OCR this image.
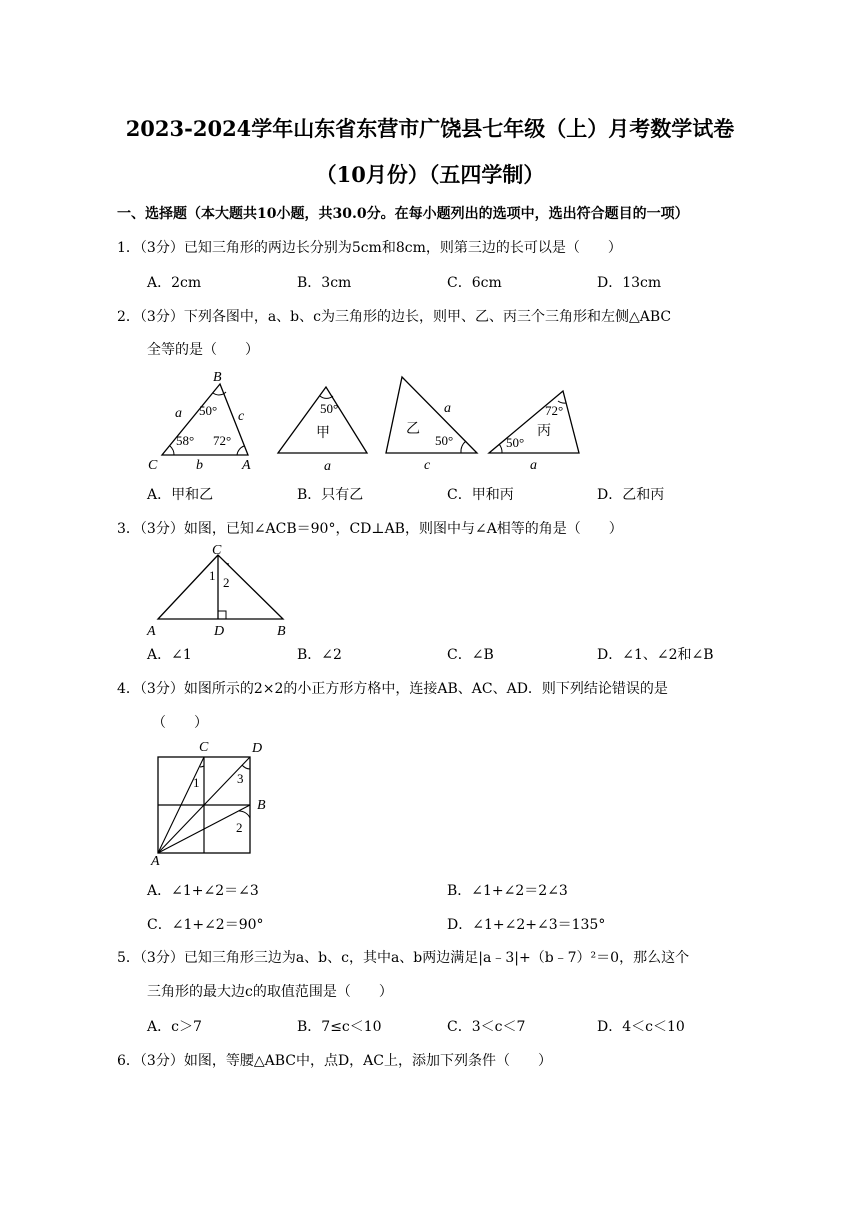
2023-2024学年山东省东营市广饶县七年级（上）月考数学试卷
（10月份）（五四学制）
一、选择题（本大题共10小题，共30.0分。在每小题列出的选项中，选出符合题目的一项）
1．（3分）已知三角形的两边长分别为5cm和8cm，则第三边的长可以是（　　）
A．2cm	B．3cm	C．6cm	D．13cm
2．（3分）下列各图中，a、b、c为三角形的边长，则甲、乙、丙三个三角形和左侧△ABC
全等的是（　　）
B
C	A
a	c
b
50°
58° 72°
50°
甲
a
乙
50°
a
c
72°
丙
50°
a
A．甲和乙	B．只有乙	C．甲和丙	D．乙和丙
3．（3分）如图，已知∠ACB＝90°，CD⊥AB，则图中与∠A相等的角是（　　）
C
A	D	B
1 2
A．∠1	B．∠2	C．∠B	D．∠1、∠2和∠B
4．（3分）如图所示的2×2的小正方形方格中，连接AB、AC、AD．则下列结论错误的是
（　　）
C	D
B
A
1	3
2
A．∠1+∠2＝∠3	B．∠1+∠2＝2∠3
C．∠1+∠2＝90°	D．∠1+∠2+∠3＝135°
5．（3分）已知三角形三边为a、b、c，其中a、b两边满足|a﹣3|+（b﹣7）²＝0，那么这个
三角形的最大边c的取值范围是（　　）
A．c＞7	B．7≤c＜10	C．3＜c＜7	D．4＜c＜10
6．（3分）如图，等腰△ABC中，点D，AC上，添加下列条件（　　）
